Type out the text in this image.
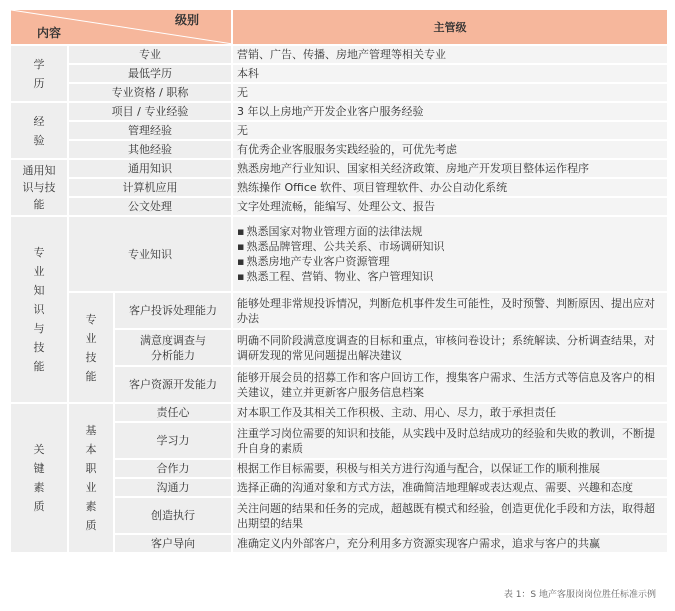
级别
内容			主管级
学历	专业		营销、广告、传播、房地产管理等相关专业
	最低学历		本科
	专业资格 / 职称		无
经验	项目 / 专业经验		3 年以上房地产开发企业客户服务经验
	管理经验		无
	其他经验		有优秀企业客服服务实践经验的，可优先考虑
通用知识与技能	通用知识		熟悉房地产行业知识、国家相关经济政策、房地产开发项目整体运作程序
	计算机应用		熟练操作 Office 软件、项目管理软件、办公自动化系统
	公文处理		文字处理流畅，能编写、处理公文、报告
专业知识与技能	专业知识		▪ 熟悉国家对物业管理方面的法律法规
▪ 熟悉品牌管理、公共关系、市场调研知识
▪ 熟悉房地产专业客户资源管理
▪ 熟悉工程、营销、物业、客户管理知识

	专业技能	客户投诉处理能力	能够处理非常规投诉情况，判断危机事件发生可能性，及时预警、判断原因、提出应对办法
		满意度调查与分析能力	明确不同阶段满意度调查的目标和重点，审核问卷设计；系统解读、分析调查结果，对调研发现的常见问题提出解决建议
		客户资源开发能力	能够开展会员的招募工作和客户回访工作，搜集客户需求、生活方式等信息及客户的相关建议，建立并更新客户服务信息档案
关键素质	基本职业素质	责任心	对本职工作及其相关工作积极、主动、用心、尽力，敢于承担责任
		学习力	注重学习岗位需要的知识和技能，从实践中及时总结成功的经验和失败的教训，不断提升自身的素质
		合作力	根据工作目标需要，积极与相关方进行沟通与配合，以保证工作的顺利推展
		沟通力	选择正确的沟通对象和方式方法，准确简洁地理解或表达观点、需要、兴趣和态度
		创造执行	关注问题的结果和任务的完成，超越既有模式和经验，创造更优化手段和方法，取得超出期望的结果
		客户导向	准确定义内外部客户，充分利用多方资源实现客户需求，追求与客户的共赢
表 1：S 地产客服岗岗位胜任标准示例
